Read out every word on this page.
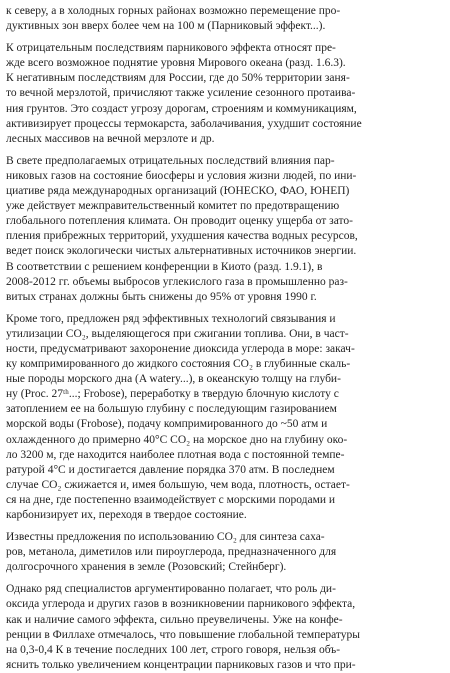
к северу, а в холодных горных районах возможно перемещение про-
дуктивных зон вверх более чем на 100 м (Парниковый эффект...).

К отрицательным последствиям парникового эффекта относят пре-
жде всего возможное поднятие уровня Мирового океана (разд. 1.6.3).
К негативным последствиям для России, где до 50% территории заня-
то вечной мерзлотой, причисляют также усиление сезонного протаива-
ния грунтов. Это создаст угрозу дорогам, строениям и коммуникациям,
активизирует процессы термокарста, заболачивания, ухудшит состояние
лесных массивов на вечной мерзлоте и др.

В свете предполагаемых отрицательных последствий влияния пар-
никовых газов на состояние биосферы и условия жизни людей, по ини-
циативе ряда международных организаций (ЮНЕСКО, ФАО, ЮНЕП)
уже действует межправительственный комитет по предотвращению
глобального потепления климата. Он проводит оценку ущерба от зато-
пления прибрежных территорий, ухудшения качества водных ресурсов,
ведет поиск экологически чистых альтернативных источников энергии.
В соответствии с решением конференции в Киото (разд. 1.9.1), в
2008-2012 гг. объемы выбросов углекислого газа в промышленно раз-
витых странах должны быть снижены до 95% от уровня 1990 г.

Кроме того, предложен ряд эффективных технологий связывания и
утилизации CO₂, выделяющегося при сжигании топлива. Они, в част-
ности, предусматривают захоронение диоксида углерода в море: закач-
ку компримированного до жидкого состояния CO₂ в глубинные скаль-
ные породы морского дна (A watery...), в океанскую толщу на глуби-
ну (Proc. 27ᵗʰ...; Frobose), переработку в твердую блочную кислоту с
затоплением ее на большую глубину с последующим газированием
морской воды (Frobose), подачу компримированного до ~50 атм и
охлажденного до примерно 40°С CO₂ на морское дно на глубину око-
ло 3200 м, где находится наиболее плотная вода с постоянной темпе-
ратурой 4°С и достигается давление порядка 370 атм. В последнем
случае CO₂ сжижается и, имея большую, чем вода, плотность, остает-
ся на дне, где постепенно взаимодействует с морскими породами и
карбонизирует их, переходя в твердое состояние.

Известны предложения по использованию CO₂ для синтеза саха-
ров, метанола, диметилов или пироуглерода, предназначенного для
долгосрочного хранения в земле (Розовский; Стейнберг).

Однако ряд специалистов аргументированно полагает, что роль ди-
оксида углерода и других газов в возникновении парникового эффекта,
как и наличие самого эффекта, сильно преувеличены. Уже на конфе-
ренции в Филлахе отмечалось, что повышение глобальной температуры
на 0,3-0,4 К в течение последних 100 лет, строго говоря, нельзя объ-
яснить только увеличением концентрации парниковых газов и что при-
